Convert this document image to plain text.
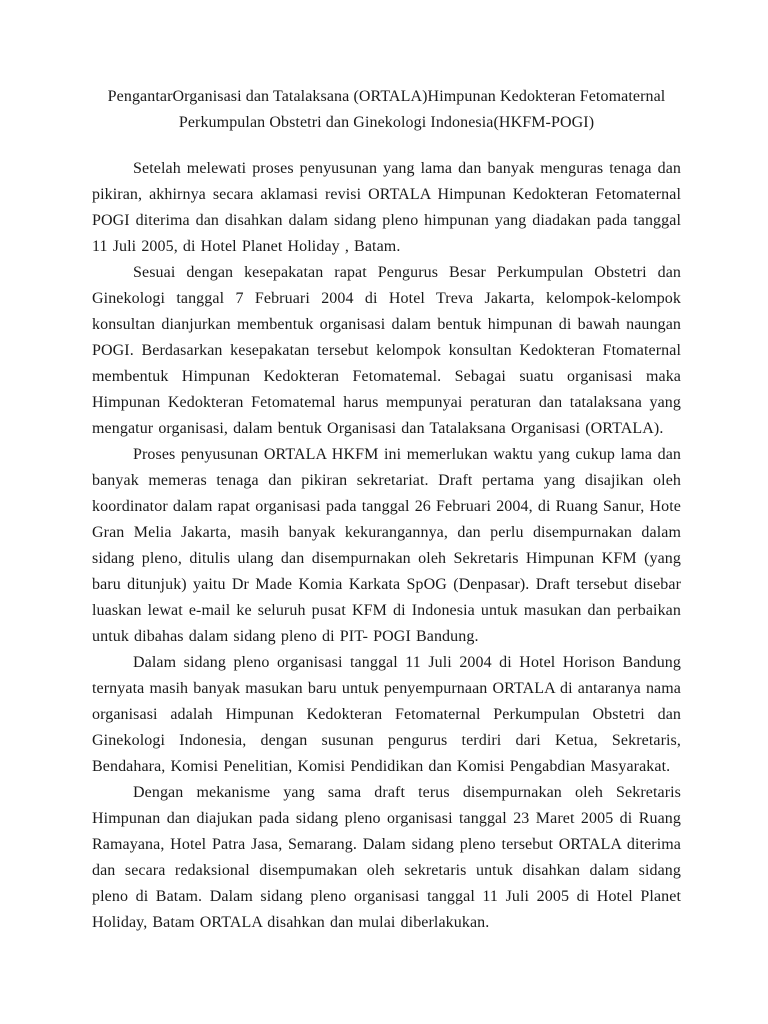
PengantarOrganisasi dan Tatalaksana (ORTALA)Himpunan Kedokteran Fetomaternal
Perkumpulan Obstetri dan Ginekologi Indonesia(HKFM-POGI)

Setelah melewati proses penyusunan yang lama dan banyak menguras tenaga dan pikiran, akhirnya secara aklamasi revisi ORTALA Himpunan Kedokteran Fetomaternal POGI diterima dan disahkan dalam sidang pleno himpunan yang diadakan pada tanggal 11 Juli 2005, di Hotel Planet Holiday , Batam.

Sesuai dengan kesepakatan rapat Pengurus Besar Perkumpulan Obstetri dan Ginekologi tanggal 7 Februari 2004 di Hotel Treva Jakarta, kelompok-kelompok konsultan dianjurkan membentuk organisasi dalam bentuk himpunan di bawah naungan POGI. Berdasarkan kesepakatan tersebut kelompok konsultan Kedokteran Ftomaternal membentuk Himpunan Kedokteran Fetomatemal. Sebagai suatu organisasi maka Himpunan Kedokteran Fetomatemal harus mempunyai peraturan dan tatalaksana yang mengatur organisasi, dalam bentuk Organisasi dan Tatalaksana Organisasi (ORTALA).

Proses penyusunan ORTALA HKFM ini memerlukan waktu yang cukup lama dan banyak memeras tenaga dan pikiran sekretariat. Draft pertama yang disajikan oleh koordinator dalam rapat organisasi pada tanggal 26 Februari 2004, di Ruang Sanur, Hote Gran Melia Jakarta, masih banyak kekurangannya, dan perlu disempurnakan dalam sidang pleno, ditulis ulang dan disempurnakan oleh Sekretaris Himpunan KFM (yang baru ditunjuk) yaitu Dr Made Komia Karkata SpOG (Denpasar). Draft tersebut disebar luaskan lewat e-mail ke seluruh pusat KFM di Indonesia untuk masukan dan perbaikan untuk dibahas dalam sidang pleno di PIT- POGI Bandung.

Dalam sidang pleno organisasi tanggal 11 Juli 2004 di Hotel Horison Bandung ternyata masih banyak masukan baru untuk penyempurnaan ORTALA di antaranya nama organisasi adalah Himpunan Kedokteran Fetomaternal Perkumpulan Obstetri dan Ginekologi Indonesia, dengan susunan pengurus terdiri dari Ketua, Sekretaris, Bendahara, Komisi Penelitian, Komisi Pendidikan dan Komisi Pengabdian Masyarakat.

Dengan mekanisme yang sama draft terus disempurnakan oleh Sekretaris Himpunan dan diajukan pada sidang pleno organisasi tanggal 23 Maret 2005 di Ruang Ramayana, Hotel Patra Jasa, Semarang. Dalam sidang pleno tersebut ORTALA diterima dan secara redaksional disempumakan oleh sekretaris untuk disahkan dalam sidang pleno di Batam. Dalam sidang pleno organisasi tanggal 11 Juli 2005 di Hotel Planet Holiday, Batam ORTALA disahkan dan mulai diberlakukan.
